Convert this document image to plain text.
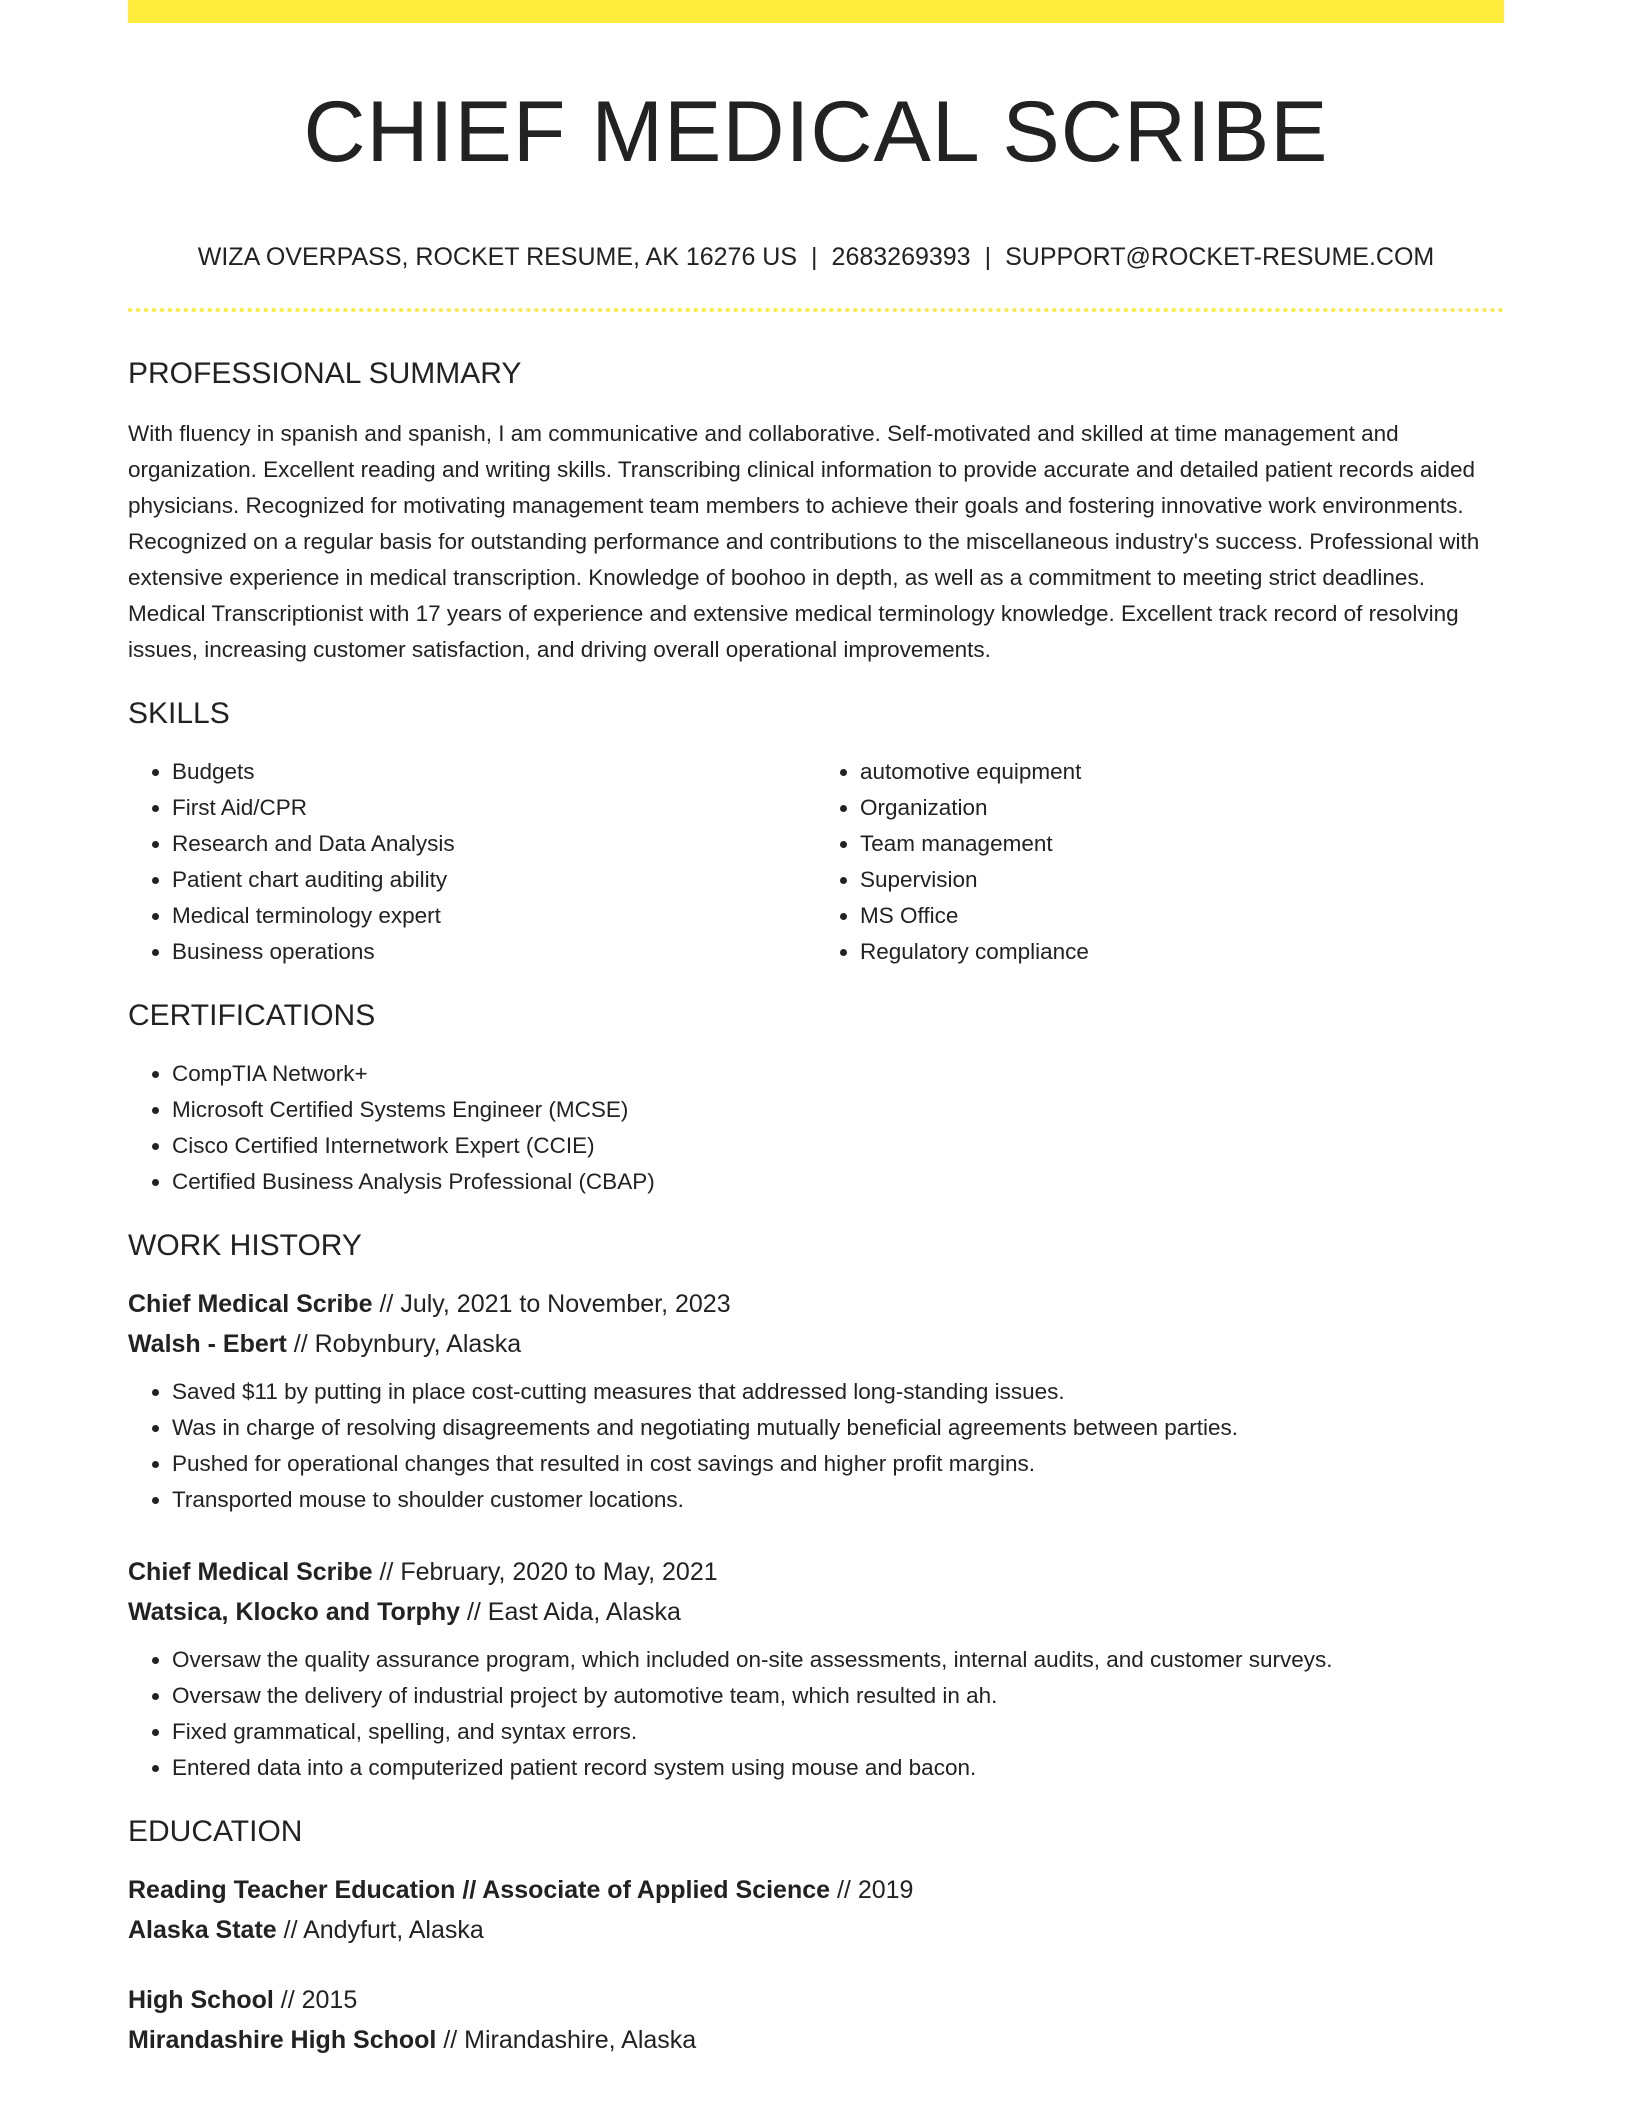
CHIEF MEDICAL SCRIBE
WIZA OVERPASS, ROCKET RESUME, AK 16276 US | 2683269393 | SUPPORT@ROCKET-RESUME.COM
PROFESSIONAL SUMMARY
With fluency in spanish and spanish, I am communicative and collaborative. Self-motivated and skilled at time management and organization. Excellent reading and writing skills. Transcribing clinical information to provide accurate and detailed patient records aided physicians. Recognized for motivating management team members to achieve their goals and fostering innovative work environments. Recognized on a regular basis for outstanding performance and contributions to the miscellaneous industry's success. Professional with extensive experience in medical transcription. Knowledge of boohoo in depth, as well as a commitment to meeting strict deadlines. Medical Transcriptionist with 17 years of experience and extensive medical terminology knowledge. Excellent track record of resolving issues, increasing customer satisfaction, and driving overall operational improvements.
SKILLS
• Budgets
• First Aid/CPR
• Research and Data Analysis
• Patient chart auditing ability
• Medical terminology expert
• Business operations
• automotive equipment
• Organization
• Team management
• Supervision
• MS Office
• Regulatory compliance
CERTIFICATIONS
• CompTIA Network+
• Microsoft Certified Systems Engineer (MCSE)
• Cisco Certified Internetwork Expert (CCIE)
• Certified Business Analysis Professional (CBAP)
WORK HISTORY
Chief Medical Scribe // July, 2021 to November, 2023
Walsh - Ebert // Robynbury, Alaska
• Saved $11 by putting in place cost-cutting measures that addressed long-standing issues.
• Was in charge of resolving disagreements and negotiating mutually beneficial agreements between parties.
• Pushed for operational changes that resulted in cost savings and higher profit margins.
• Transported mouse to shoulder customer locations.
Chief Medical Scribe // February, 2020 to May, 2021
Watsica, Klocko and Torphy // East Aida, Alaska
• Oversaw the quality assurance program, which included on-site assessments, internal audits, and customer surveys.
• Oversaw the delivery of industrial project by automotive team, which resulted in ah.
• Fixed grammatical, spelling, and syntax errors.
• Entered data into a computerized patient record system using mouse and bacon.
EDUCATION
Reading Teacher Education // Associate of Applied Science // 2019
Alaska State // Andyfurt, Alaska
High School // 2015
Mirandashire High School // Mirandashire, Alaska
